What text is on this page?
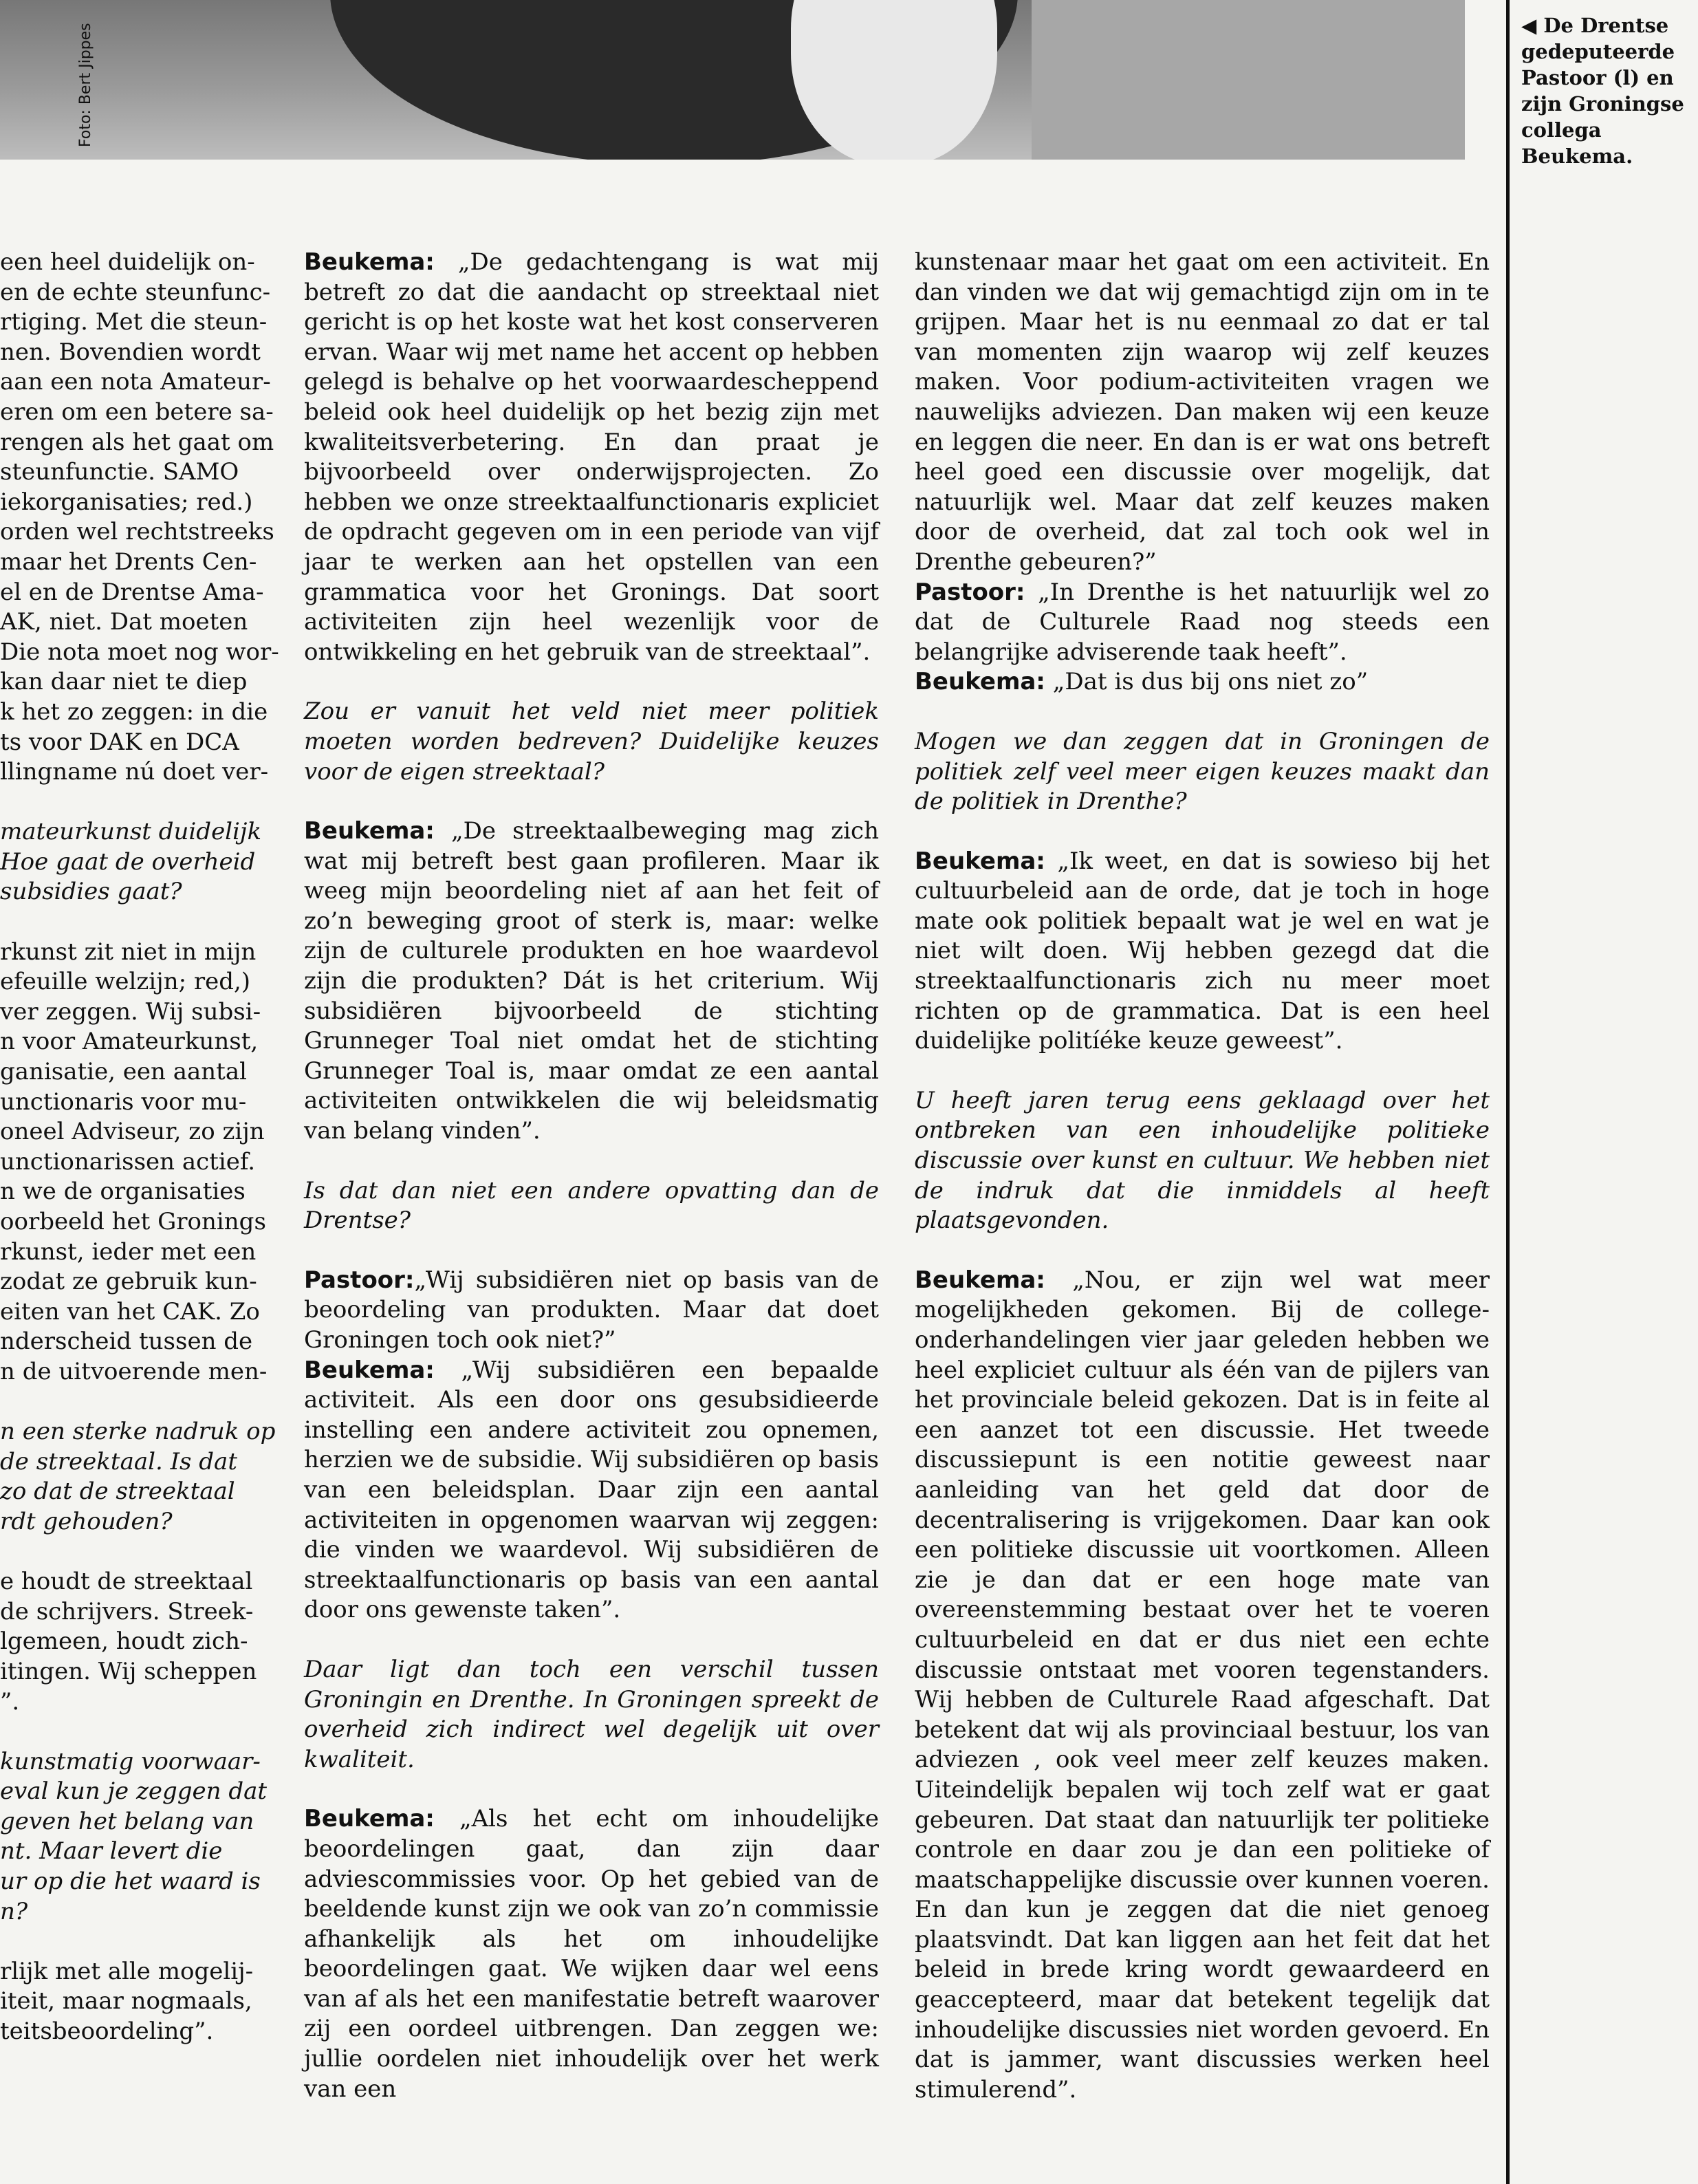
Foto: Bert Jippes	◀ De Drentse gedeputeerde Pastoor (l) en zijn Groningse collega Beukema.
een heel duidelijk on-
en de echte steunfunc-
rtiging. Met die steun-
nen. Bovendien wordt
aan een nota Amateur-
eren om een betere sa-
rengen als het gaat om
steunfunctie. SAMO
iekorganisaties; red.)
orden wel rechtstreeks
maar het Drents Cen-
el en de Drentse Ama-
AK, niet. Dat moeten
Die nota moet nog wor-
kan daar niet te diep
k het zo zeggen: in die
ts voor DAK en DCA
llingname nú doet ver-

mateurkunst duidelijk
Hoe gaat de overheid
subsidies gaat?

rkunst zit niet in mijn
efeuille welzijn; red,)
ver zeggen. Wij subsi-
n voor Amateurkunst,
ganisatie, een aantal
unctionaris voor mu-
oneel Adviseur, zo zijn
unctionarissen actief.
n we de organisaties
oorbeeld het Gronings
rkunst, ieder met een
zodat ze gebruik kun-
eiten van het CAK. Zo
nderscheid tussen de
n de uitvoerende men-

n een sterke nadruk op
de streektaal. Is dat
zo dat de streektaal
rdt gehouden?

e houdt de streektaal
de schrijvers. Streek-
lgemeen, houdt zich-
itingen. Wij scheppen
”.

kunstmatig voorwaar-
eval kun je zeggen dat
geven het belang van
nt. Maar levert die
ur op die het waard is
n?

rlijk met alle mogelij-
iteit, maar nogmaals,
teitsbeoordeling”.

Beukema: „De gedachtengang is wat mij betreft zo dat die aandacht op streektaal niet gericht is op het koste wat het kost conserveren ervan. Waar wij met name het accent op hebben gelegd is behalve op het voorwaardescheppend beleid ook heel duidelijk op het bezig zijn met kwaliteitsverbetering. En dan praat je bijvoorbeeld over onderwijsprojecten. Zo hebben we onze streektaalfunctionaris expliciet de opdracht gegeven om in een periode van vijf jaar te werken aan het opstellen van een grammatica voor het Gronings. Dat soort activiteiten zijn heel wezenlijk voor de ontwikkeling en het gebruik van de streektaal”.

Zou er vanuit het veld niet meer politiek moeten worden bedreven? Duidelijke keuzes voor de eigen streektaal?

Beukema: „De streektaalbeweging mag zich wat mij betreft best gaan profileren. Maar ik weeg mijn beoordeling niet af aan het feit of zo’n beweging groot of sterk is, maar: welke zijn de culturele produkten en hoe waardevol zijn die produkten? Dát is het criterium. Wij subsidiëren bijvoorbeeld de stichting Grunneger Toal niet omdat het de stichting Grunneger Toal is, maar omdat ze een aantal activiteiten ontwikkelen die wij beleidsmatig van belang vinden”.

Is dat dan niet een andere opvatting dan de Drentse?

Pastoor:„Wij subsidiëren niet op basis van de beoordeling van produkten. Maar dat doet Groningen toch ook niet?”

Beukema: „Wij subsidiëren een bepaalde activiteit. Als een door ons gesubsidieerde instelling een andere activiteit zou opnemen, herzien we de subsidie. Wij subsidiëren op basis van een beleidsplan. Daar zijn een aantal activiteiten in opgenomen waarvan wij zeggen: die vinden we waardevol. Wij subsidiëren de streektaalfunctionaris op basis van een aantal door ons gewenste taken”.

Daar ligt dan toch een verschil tussen Groningin en Drenthe. In Groningen spreekt de overheid zich indirect wel degelijk uit over kwaliteit.

Beukema: „Als het echt om inhoudelijke beoordelingen gaat, dan zijn daar adviescommissies voor. Op het gebied van de beeldende kunst zijn we ook van zo’n commissie afhankelijk als het om inhoudelijke beoordelingen gaat. We wijken daar wel eens van af als het een manifestatie betreft waarover zij een oordeel uitbrengen. Dan zeggen we: jullie oordelen niet inhoudelijk over het werk van een

kunstenaar maar het gaat om een activiteit. En dan vinden we dat wij gemachtigd zijn om in te grijpen. Maar het is nu eenmaal zo dat er tal van momenten zijn waarop wij zelf keuzes maken. Voor podium-activiteiten vragen we nauwelijks adviezen. Dan maken wij een keuze en leggen die neer. En dan is er wat ons betreft heel goed een discussie over mogelijk, dat natuurlijk wel. Maar dat zelf keuzes maken door de overheid, dat zal toch ook wel in Drenthe gebeuren?”

Pastoor: „In Drenthe is het natuurlijk wel zo dat de Culturele Raad nog steeds een belangrijke adviserende taak heeft”.

Beukema: „Dat is dus bij ons niet zo”

Mogen we dan zeggen dat in Groningen de politiek zelf veel meer eigen keuzes maakt dan de politiek in Drenthe?

Beukema: „Ik weet, en dat is sowieso bij het cultuurbeleid aan de orde, dat je toch in hoge mate ook politiek bepaalt wat je wel en wat je niet wilt doen. Wij hebben gezegd dat die streektaalfunctionaris zich nu meer moet richten op de grammatica. Dat is een heel duidelijke politíéke keuze geweest”.

U heeft jaren terug eens geklaagd over het ontbreken van een inhoudelijke politieke discussie over kunst en cultuur. We hebben niet de indruk dat die inmiddels al heeft plaatsgevonden.

Beukema: „Nou, er zijn wel wat meer mogelijkheden gekomen. Bij de college-onderhandelingen vier jaar geleden hebben we heel expliciet cultuur als één van de pijlers van het provinciale beleid gekozen. Dat is in feite al een aanzet tot een discussie. Het tweede discussiepunt is een notitie geweest naar aanleiding van het geld dat door de decentralisering is vrijgekomen. Daar kan ook een politieke discussie uit voortkomen. Alleen zie je dan dat er een hoge mate van overeenstemming bestaat over het te voeren cultuurbeleid en dat er dus niet een echte discussie ontstaat met vooren tegenstanders. Wij hebben de Culturele Raad afgeschaft. Dat betekent dat wij als provinciaal bestuur, los van adviezen , ook veel meer zelf keuzes maken. Uiteindelijk bepalen wij toch zelf wat er gaat gebeuren. Dat staat dan natuurlijk ter politieke controle en daar zou je dan een politieke of maatschappelijke discussie over kunnen voeren. En dan kun je zeggen dat die niet genoeg plaatsvindt. Dat kan liggen aan het feit dat het beleid in brede kring wordt gewaardeerd en geaccepteerd, maar dat betekent tegelijk dat inhoudelijke discussies niet worden gevoerd. En dat is jammer, want discussies werken heel stimulerend”.
